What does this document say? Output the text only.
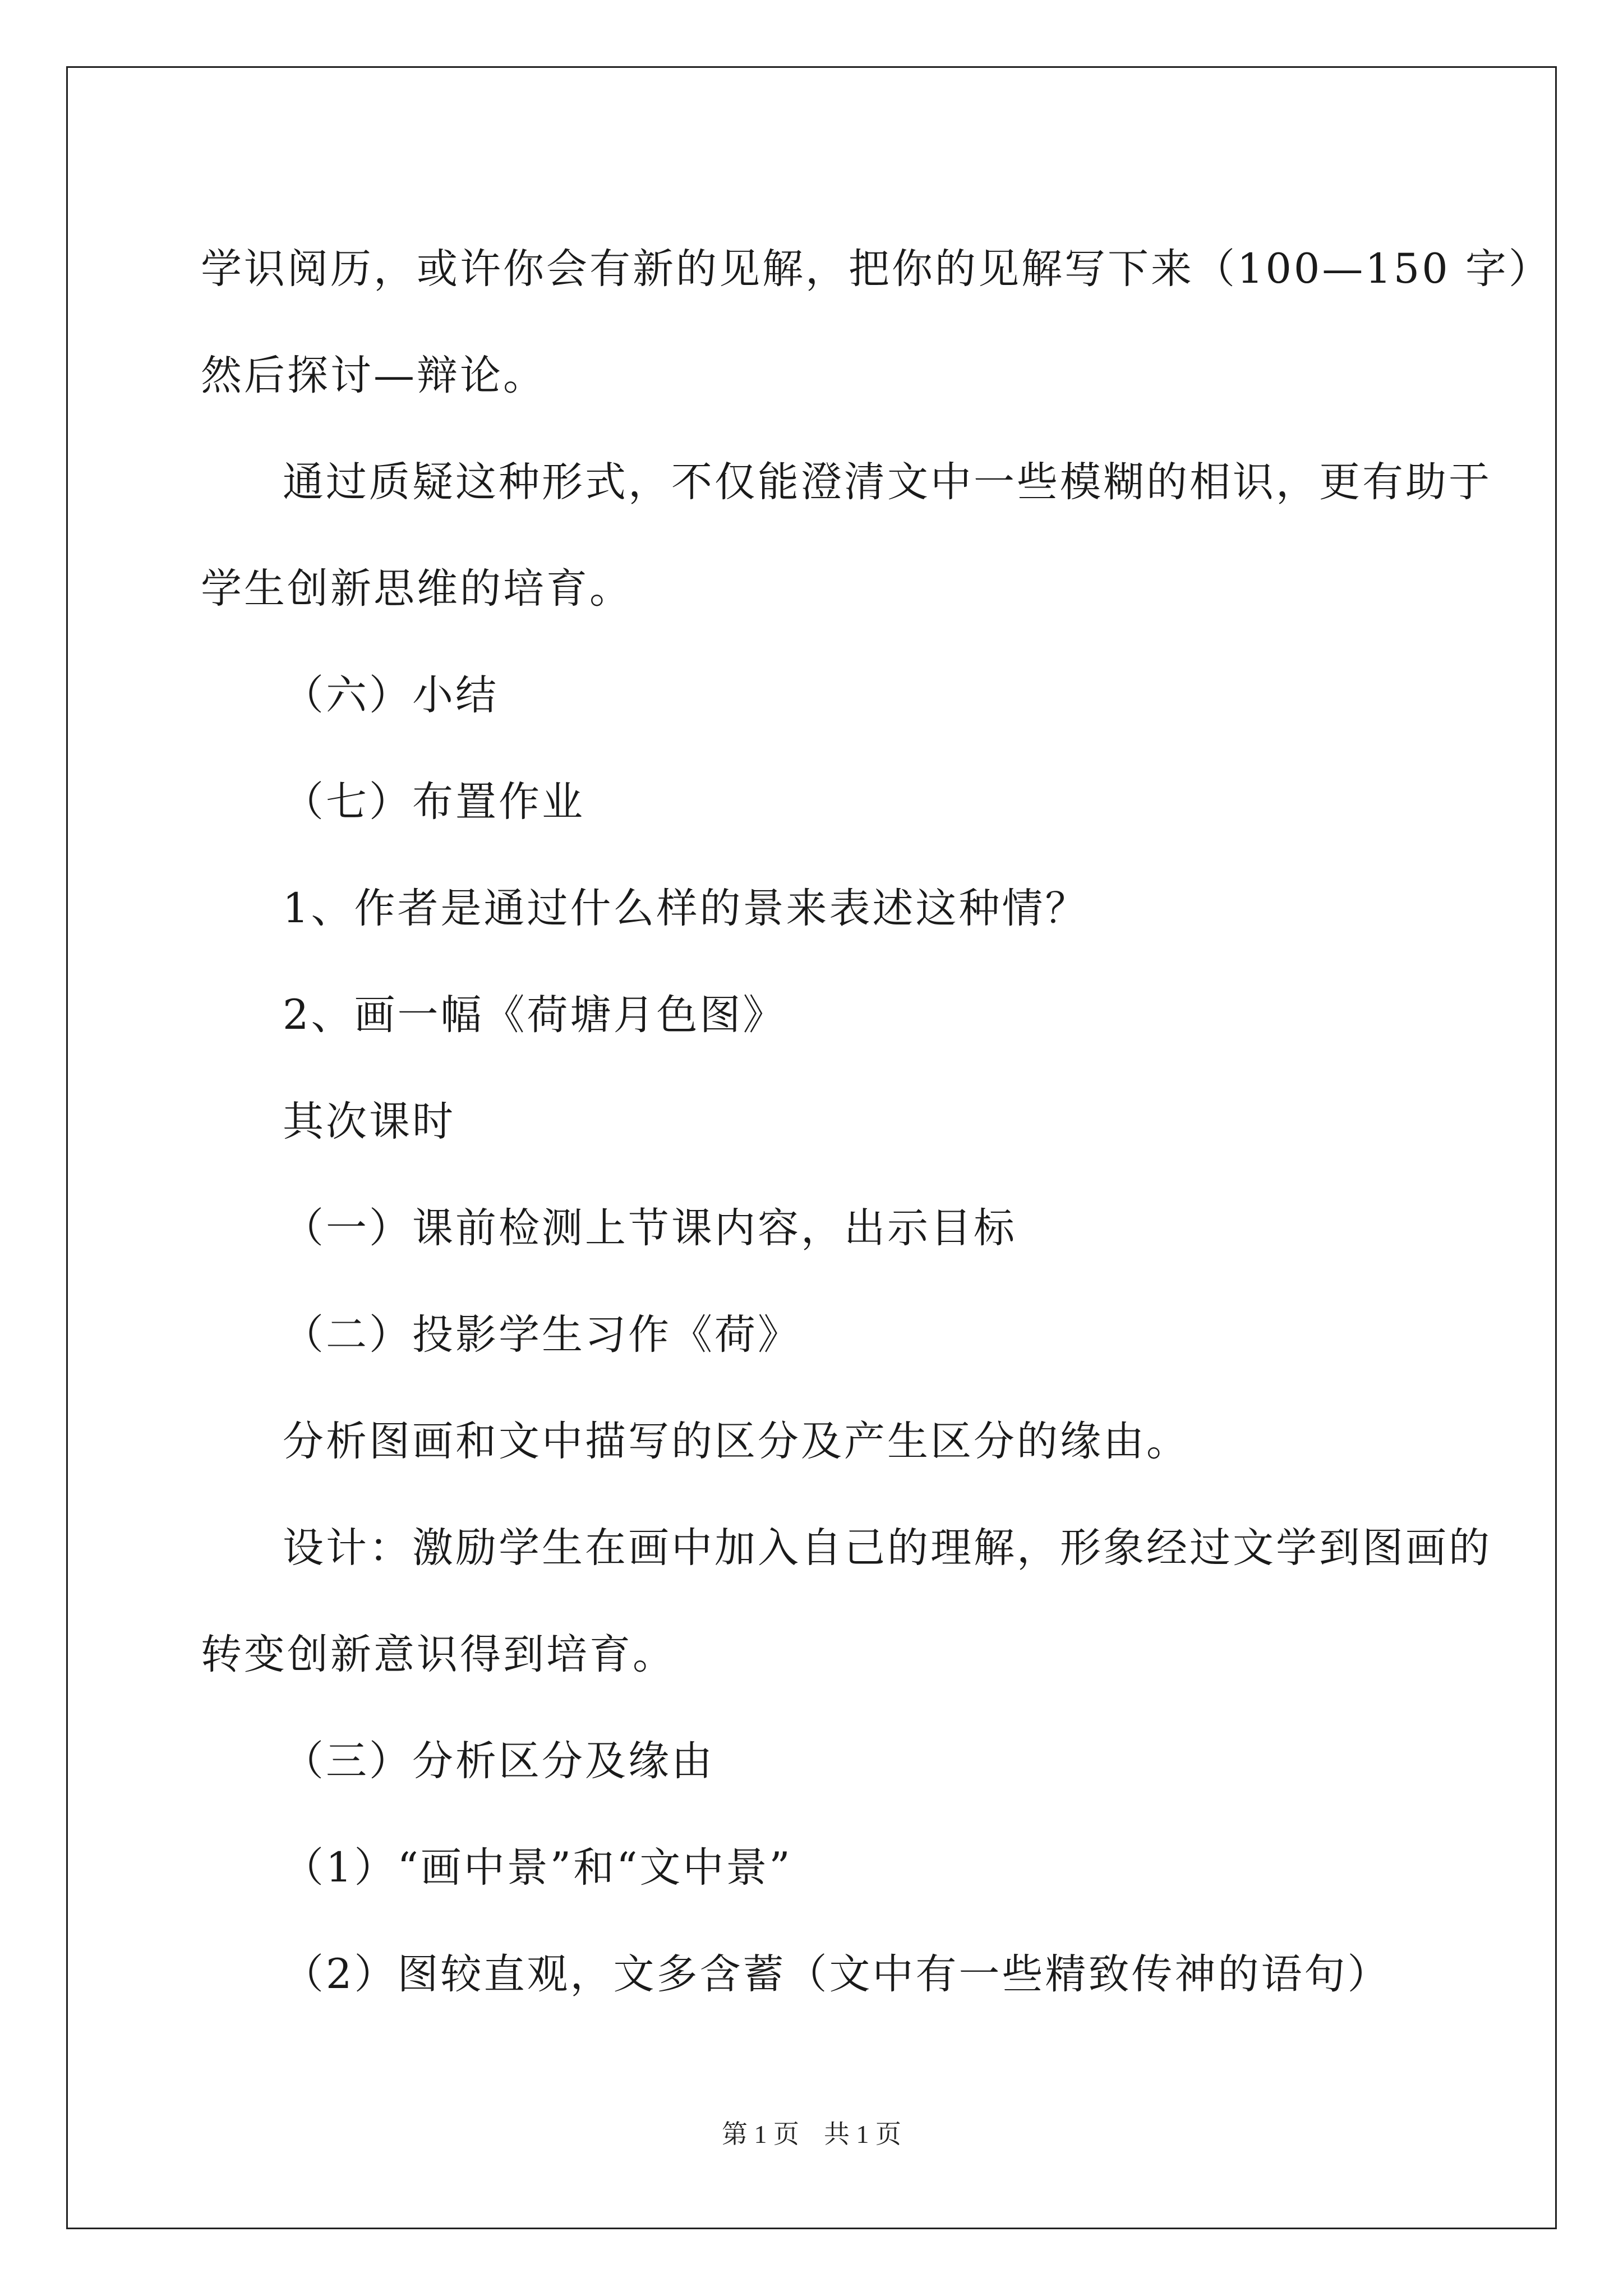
学识阅历，或许你会有新的见解，把你的见解写下来（100—150 字）

然后探讨—辩论。

通过质疑这种形式，不仅能澄清文中一些模糊的相识，更有助于

学生创新思维的培育。

（六）小结

（七）布置作业

1、作者是通过什么样的景来表述这种情？

2、画一幅《荷塘月色图》

其次课时

（一）课前检测上节课内容，出示目标

（二）投影学生习作《荷》

分析图画和文中描写的区分及产生区分的缘由。

设计：激励学生在画中加入自己的理解，形象经过文学到图画的

转变创新意识得到培育。

（三）分析区分及缘由

（1）“画中景”和“文中景”

（2）图较直观，文多含蓄（文中有一些精致传神的语句）

第 1 页 共 1 页
